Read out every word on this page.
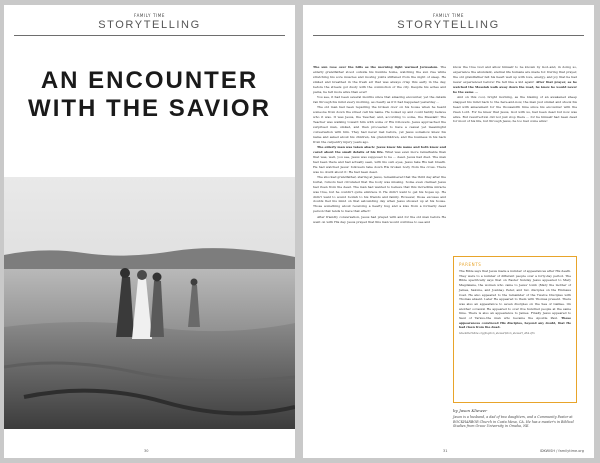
FAMILY TIME
STORYTELLING
AN ENCOUNTER
WITH THE SAVIOR
30
FAMILY TIME
STORYTELLING

The sun rose over the hills as the morning light warmed Jerusalem. The elderly grandfather stood outside his humble home, watching the sun rise while stretching his sore muscles and moving joints stiffened from the night of sleep. He smiled and breathed in the fresh air that was always crisp this early in the day, before the streets got dusty with the commotion of the city. Despite his aches and pains, he felt more alive than ever!

You see, it had been several months since that amazing encounter, yet the details ran through his mind every morning, as clearly as if it had happened yesterday ...

The old man had been repairing the broken door on his house when he heard someone from down the street call his name. He looked up and could hardly believe who it was. It was Jesus, the Teacher, and, according to some, the Messiah! The Teacher was walking toward him with some of His followers. Jesus approached the surprised man, smiled, and then proceeded to have a casual yet meaningful conversation with him. They had never met before, yet Jesus somehow knew his name and asked about his children, his grandchildren, and the business in his back from the carpentry injury years ago.

The elderly man was taken aback: Jesus knew his name and both knew and cared about the small details of his life. What was even more remarkable than that was, well, you see, Jesus was supposed to be ... dead. Jesus had died. The man had been there and had actually seen, with his own eyes, Jesus take His last breath. He had watched Jesus' followers take down His broken body from the cross. There was no doubt about it: He had been dead.

The shocked grandfather, staring at Jesus, remembered that the third day after the burial, rumors had circulated that the body was missing. Some even claimed Jesus had risen from the dead. The man had wanted to believe that this incredible miracle was true, but he couldn't quite embrace it. He didn't want to get his hopes up. He didn't want to sound foolish to his friends and family. However, those excuses and doubts fled his mind on that astounding day when Jesus showed up at his house. Those something about receiving a hearty hug and a kiss from a formerly dead person that tends to have that effect!

After friendly conversation, Jesus had prayed with and for the old man before He went on with His day. Jesus prayed that this man would continue to see and

know the true God and allow himself to be known by God–and, in doing so, experience the abundant, eternal life humans are made for. During that prayer, the old grandfather felt his heart well up with love, energy, and joy that he had never experienced before! He felt like a kid again! After that prayer, as he watched the Messiah walk away down the road, he knew he would never be the same ...

And on this cool, bright morning, as the blazing of an awakened sheep snapped his mind back to the here-and-now, the man just smiled and shook his head with amazement for the thousandth time since his encounter with the risen Lord. For he knew that Jesus, God with us, had been dead but now was alive. But resurrection did not just stop there ... for he himself had been dead for most of his life, but through Jesus, he too had come alive!

PARENTS
The Bible says that Jesus made a number of appearances after His death. They were to a number of different people over a forty-day period. The Bible specifically says that on Easter Sunday Jesus appeared to Mary Magdalene, the women who came to Jesus' tomb (Mary the mother of James, Salome, and Joanna), Peter, and two disciples on the Emmaus road. He also appeared to the remainder of the Twelve Disciples with Thomas absent. Later He appeared to them with Thomas present. There was also an appearance to seven disciples on the Sea of Galilee. On another occasion He appeared to over five hundred people at the same time. There is also an appearance to James. Finally Jesus appeared to Saul of Tarsus–the man who became the Apostle Paul. These appearances convinced His disciples, beyond any doubt, that He had risen from the dead.
blueletterbible.org/faq/don_stewart/don_stewart_454.cfm
by Jason Kliewer
Jason is a husband, a dad of two daughters, and a Community Pastor at ROCKHARBOR Church in Costa Mesa, CA. He has a master's in Biblical Studies from Grace University in Omaha, NE.
31	IDKWISH / familytime.org
